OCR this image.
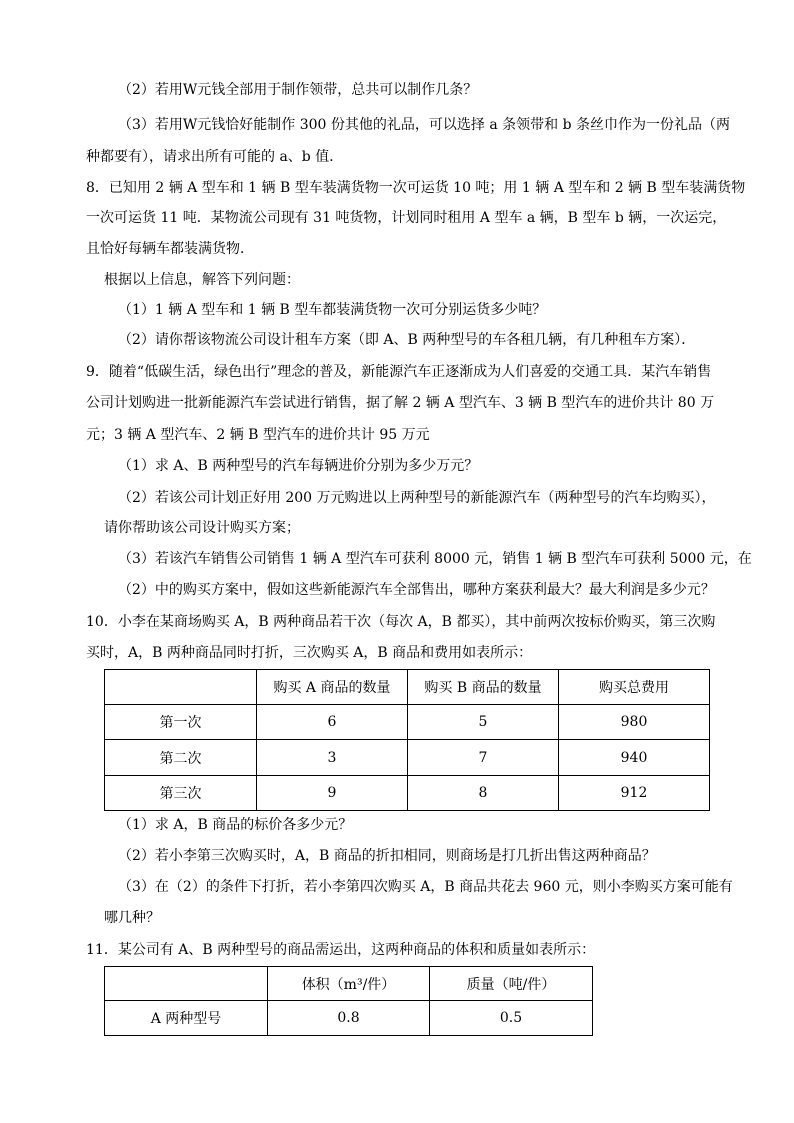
（2）若用W元钱全部用于制作领带，总共可以制作几条？
（3）若用W元钱恰好能制作 300 份其他的礼品，可以选择 a 条领带和 b 条丝巾作为一份礼品（两
种都要有），请求出所有可能的 a、b 值．
8．已知用 2 辆 A 型车和 1 辆 B 型车装满货物一次可运货 10 吨；用 1 辆 A 型车和 2 辆 B 型车装满货物
一次可运货 11 吨．某物流公司现有 31 吨货物，计划同时租用 A 型车 a 辆，B 型车 b 辆，一次运完，
且恰好每辆车都装满货物．
根据以上信息，解答下列问题：
（1）1 辆 A 型车和 1 辆 B 型车都装满货物一次可分别运货多少吨？
（2）请你帮该物流公司设计租车方案（即 A、B 两种型号的车各租几辆，有几种租车方案）．
9．随着“低碳生活，绿色出行”理念的普及，新能源汽车正逐渐成为人们喜爱的交通工具．某汽车销售
公司计划购进一批新能源汽车尝试进行销售，据了解 2 辆 A 型汽车、3 辆 B 型汽车的进价共计 80 万
元；3 辆 A 型汽车、2 辆 B 型汽车的进价共计 95 万元
（1）求 A、B 两种型号的汽车每辆进价分别为多少万元？
（2）若该公司计划正好用 200 万元购进以上两种型号的新能源汽车（两种型号的汽车均购买），
请你帮助该公司设计购买方案；
（3）若该汽车销售公司销售 1 辆 A 型汽车可获利 8000 元，销售 1 辆 B 型汽车可获利 5000 元，在
（2）中的购买方案中，假如这些新能源汽车全部售出，哪种方案获利最大？最大利润是多少元？
10．小李在某商场购买 A，B 两种商品若干次（每次 A，B 都买），其中前两次按标价购买，第三次购
买时，A，B 两种商品同时打折，三次购买 A，B 商品和费用如表所示：
	购买 A 商品的数量	购买 B 商品的数量	购买总费用
第一次	6	5	980
第二次	3	7	940
第三次	9	8	912
（1）求 A，B 商品的标价各多少元？
（2）若小李第三次购买时，A，B 商品的折扣相同，则商场是打几折出售这两种商品？
（3）在（2）的条件下打折，若小李第四次购买 A，B 商品共花去 960 元，则小李购买方案可能有
哪几种？
11．某公司有 A、B 两种型号的商品需运出，这两种商品的体积和质量如表所示：
	体积（m³/件）	质量（吨/件）
A 两种型号	0.8	0.5
